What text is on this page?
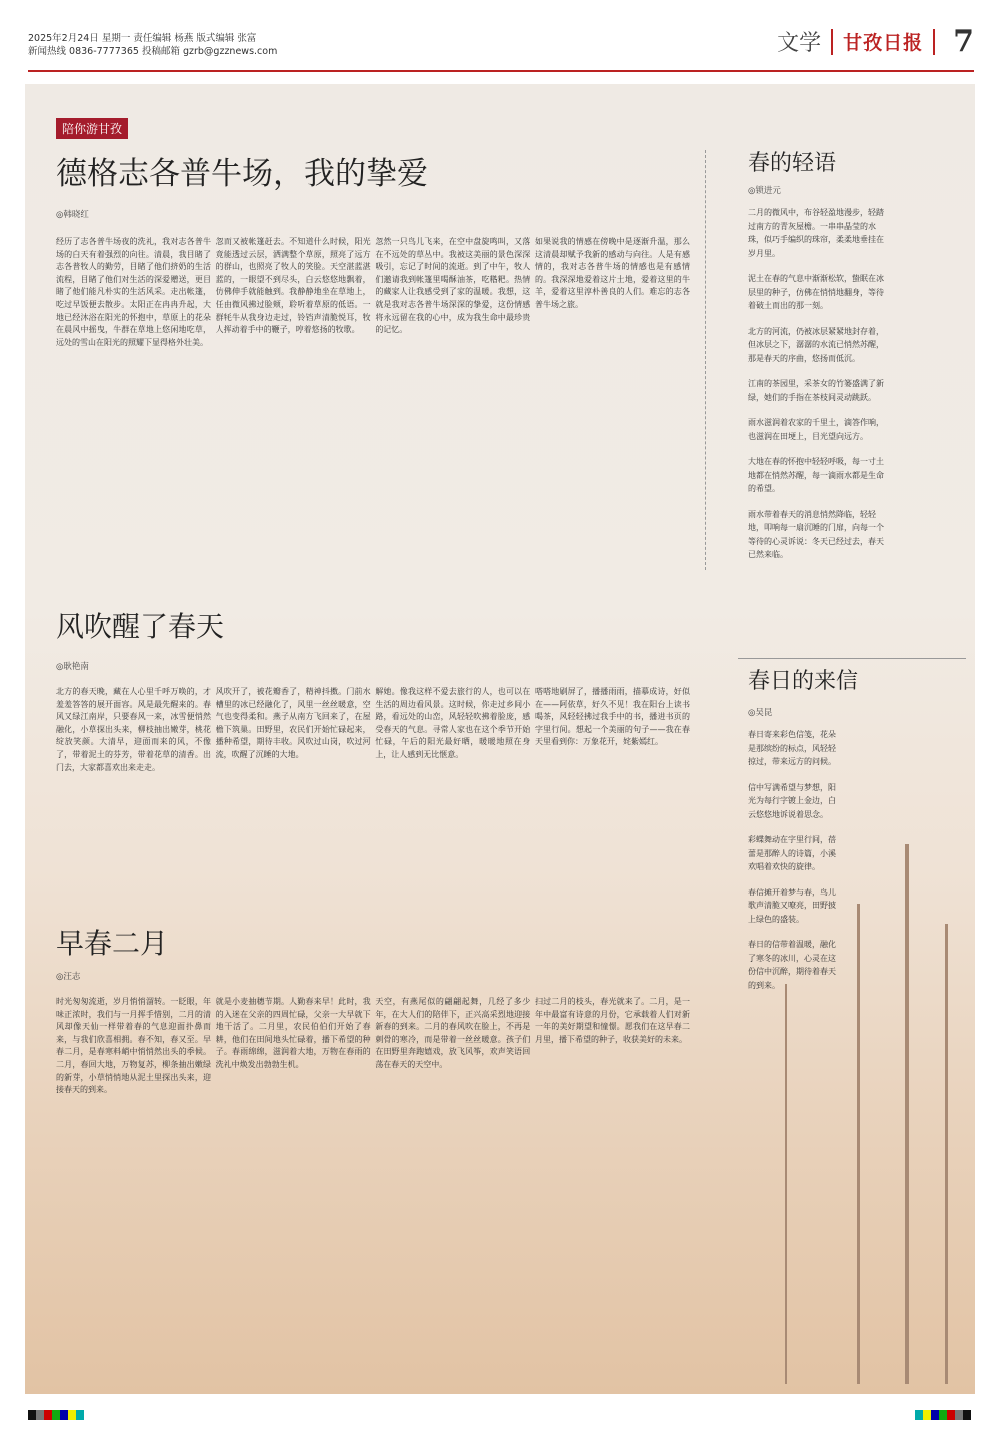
2025年2月24日 星期一 责任编辑 杨燕 版式编辑 张富
新闻热线 0836-7777365 投稿邮箱 gzrb@gzznews.com	文学 甘孜日报 7
陪你游甘孜
德格志各普牛场，我的挚爱
◎韩晓红
经历了志各普牛场夜的洗礼，我对志各普牛场的白天有着强烈的向往。清晨，我目睹了志各普牧人的勤劳，目睹了他们挤奶的生活流程，目睹了他们对生活的深爱赠送，更目睹了他们能凡朴实的生活风采。走出帐篷，吃过早饭便去散步。太阳正在冉冉升起，大地已经沐浴在阳光的怀抱中，草原上的花朵在晨风中摇曳，牛群在草地上悠闲地吃草，远处的雪山在阳光的照耀下显得格外壮美。
忽而又被帐篷赶去。不知道什么时候，阳光竟能透过云层，洒满整个草原，照亮了远方的群山，也照亮了牧人的笑脸。天空湛蓝湛蓝的，一眼望不到尽头，白云悠悠地飘着，仿佛伸手就能触到。我静静地坐在草地上，任由微风拂过脸颊，聆听着草原的低语。一群牦牛从我身边走过，铃铛声清脆悦耳，牧人挥动着手中的鞭子，哼着悠扬的牧歌。
忽然一只鸟儿飞来，在空中盘旋鸣叫，又落在不远处的草丛中。我被这美丽的景色深深吸引，忘记了时间的流逝。到了中午，牧人们邀请我到帐篷里喝酥油茶，吃糌粑。热情的藏家人让我感受到了家的温暖。我想，这就是我对志各普牛场深深的挚爱，这份情感将永远留在我的心中，成为我生命中最珍贵的记忆。
如果说我的情感在傍晚中是逐渐升温，那么这清晨却赋予我新的感动与向往。人是有感情的，我对志各普牛场的情感也是有感情的。我深深地爱着这片土地，爱着这里的牛羊，爱着这里淳朴善良的人们。难忘的志各普牛场之旅。
风吹醒了春天
◎耿艳南
北方的春天晚，藏在人心里千呼万唤的，才羞羞答答的展开面容。风是最先醒来的。春风又绿江南岸，只要春风一来，冰雪便悄然融化，小草探出头来，柳枝抽出嫩芽，桃花绽放笑颜。大清早，迎面而来的风，不像了，带着泥土的芬芳，带着花草的清香。出门去，大家都喜欢出来走走。
风吹开了，被花瓣香了，精神抖擞。门前水槽里的冰已经融化了，风里一丝丝暖意，空气也变得柔和。燕子从南方飞回来了，在屋檐下筑巢。田野里，农民们开始忙碌起来，播种希望，期待丰收。风吹过山岗，吹过河流，吹醒了沉睡的大地。
解她。像我这样不爱去旅行的人，也可以在生活的周边看风景。这时候，你走过乡间小路，看远处的山峦，风轻轻吹拂着脸庞，感受春天的气息。寻常人家也在这个季节开始忙碌，午后的阳光最好晒，暖暖地照在身上，让人感到无比惬意。
嗒嗒地刷屏了，播播雨雨，描摹成诗，好似在——阿依草，好久不见！我在阳台上读书喝茶，风轻轻拂过我手中的书，播进书页的字里行间。想起一个美丽的句子——我在春天里看到你：万象花开，姹紫嫣红。
早春二月
◎汪志
时光匆匆流逝，岁月悄悄溜转。一眨眼，年味正浓时，我们与一月挥手惜别，二月的清风却像天仙一样带着春的气息迎面扑鼻而来，与我们欣喜相拥。春不知，春又至。早春二月，是春寒料峭中悄悄然出头的季候。二月，春回大地，万物复苏，柳条抽出嫩绿的新芽，小草悄悄地从泥土里探出头来，迎接春天的到来。
就是小麦抽穗节期。人勤春来早！此时，我的入迷在父亲的四周忙碌，父亲一大早就下地干活了。二月里，农民伯伯们开始了春耕，他们在田间地头忙碌着，播下希望的种子。春雨绵绵，滋润着大地，万物在春雨的洗礼中焕发出勃勃生机。
天空，有燕尾似的翩翩起舞，几经了多少年，在大人们的陪伴下，正兴高采烈地迎接新春的到来。二月的春风吹在脸上，不再是刺骨的寒冷，而是带着一丝丝暖意。孩子们在田野里奔跑嬉戏，放飞风筝，欢声笑语回荡在春天的天空中。
扫过二月的枝头，春光就来了。二月，是一年中最富有诗意的月份，它承载着人们对新一年的美好期望和憧憬。愿我们在这早春二月里，播下希望的种子，收获美好的未来。
春的轻语
◎锁进元

二月的微风中，布谷轻盈地漫步，轻踏过南方的青灰屋檐。一串串晶莹的水珠，似巧手编织的珠帘，柔柔地垂挂在岁月里。

泥土在春的气息中渐渐松软，蛰眠在冰层里的种子，仿佛在悄悄地翻身，等待着破土而出的那一刻。

北方的河流，仍被冰层紧紧地封存着，但冰层之下，潺潺的水流已悄然苏醒，那是春天的序曲，悠扬而低沉。

江南的茶园里，采茶女的竹篓盛满了新绿，她们的手指在茶枝间灵动跳跃。

雨水滋润着农家的千里土，滴答作响，也滋润在田埂上，目光望向远方。

大地在春的怀抱中轻轻呼吸，每一寸土地都在悄然苏醒，每一滴雨水都是生命的希望。

雨水带着春天的消息悄然降临，轻轻地，叩响每一扇沉睡的门扉，向每一个等待的心灵诉说：冬天已经过去，春天已然来临。

春日的来信
◎吴昆

春日寄来彩色信笺，花朵是那缤纷的标点，风轻轻掠过，带来远方的问候。

信中写满希望与梦想，阳光为每行字镀上金边，白云悠悠地诉说着思念。

彩蝶舞动在字里行间，蓓蕾是那醉人的诗篇，小溪欢唱着欢快的旋律。

春信摊开着梦与春，鸟儿歌声清脆又嘹亮，田野披上绿色的盛装。

春日的信带着温暖，融化了寒冬的冰川，心灵在这份信中沉醉，期待着春天的到来。
